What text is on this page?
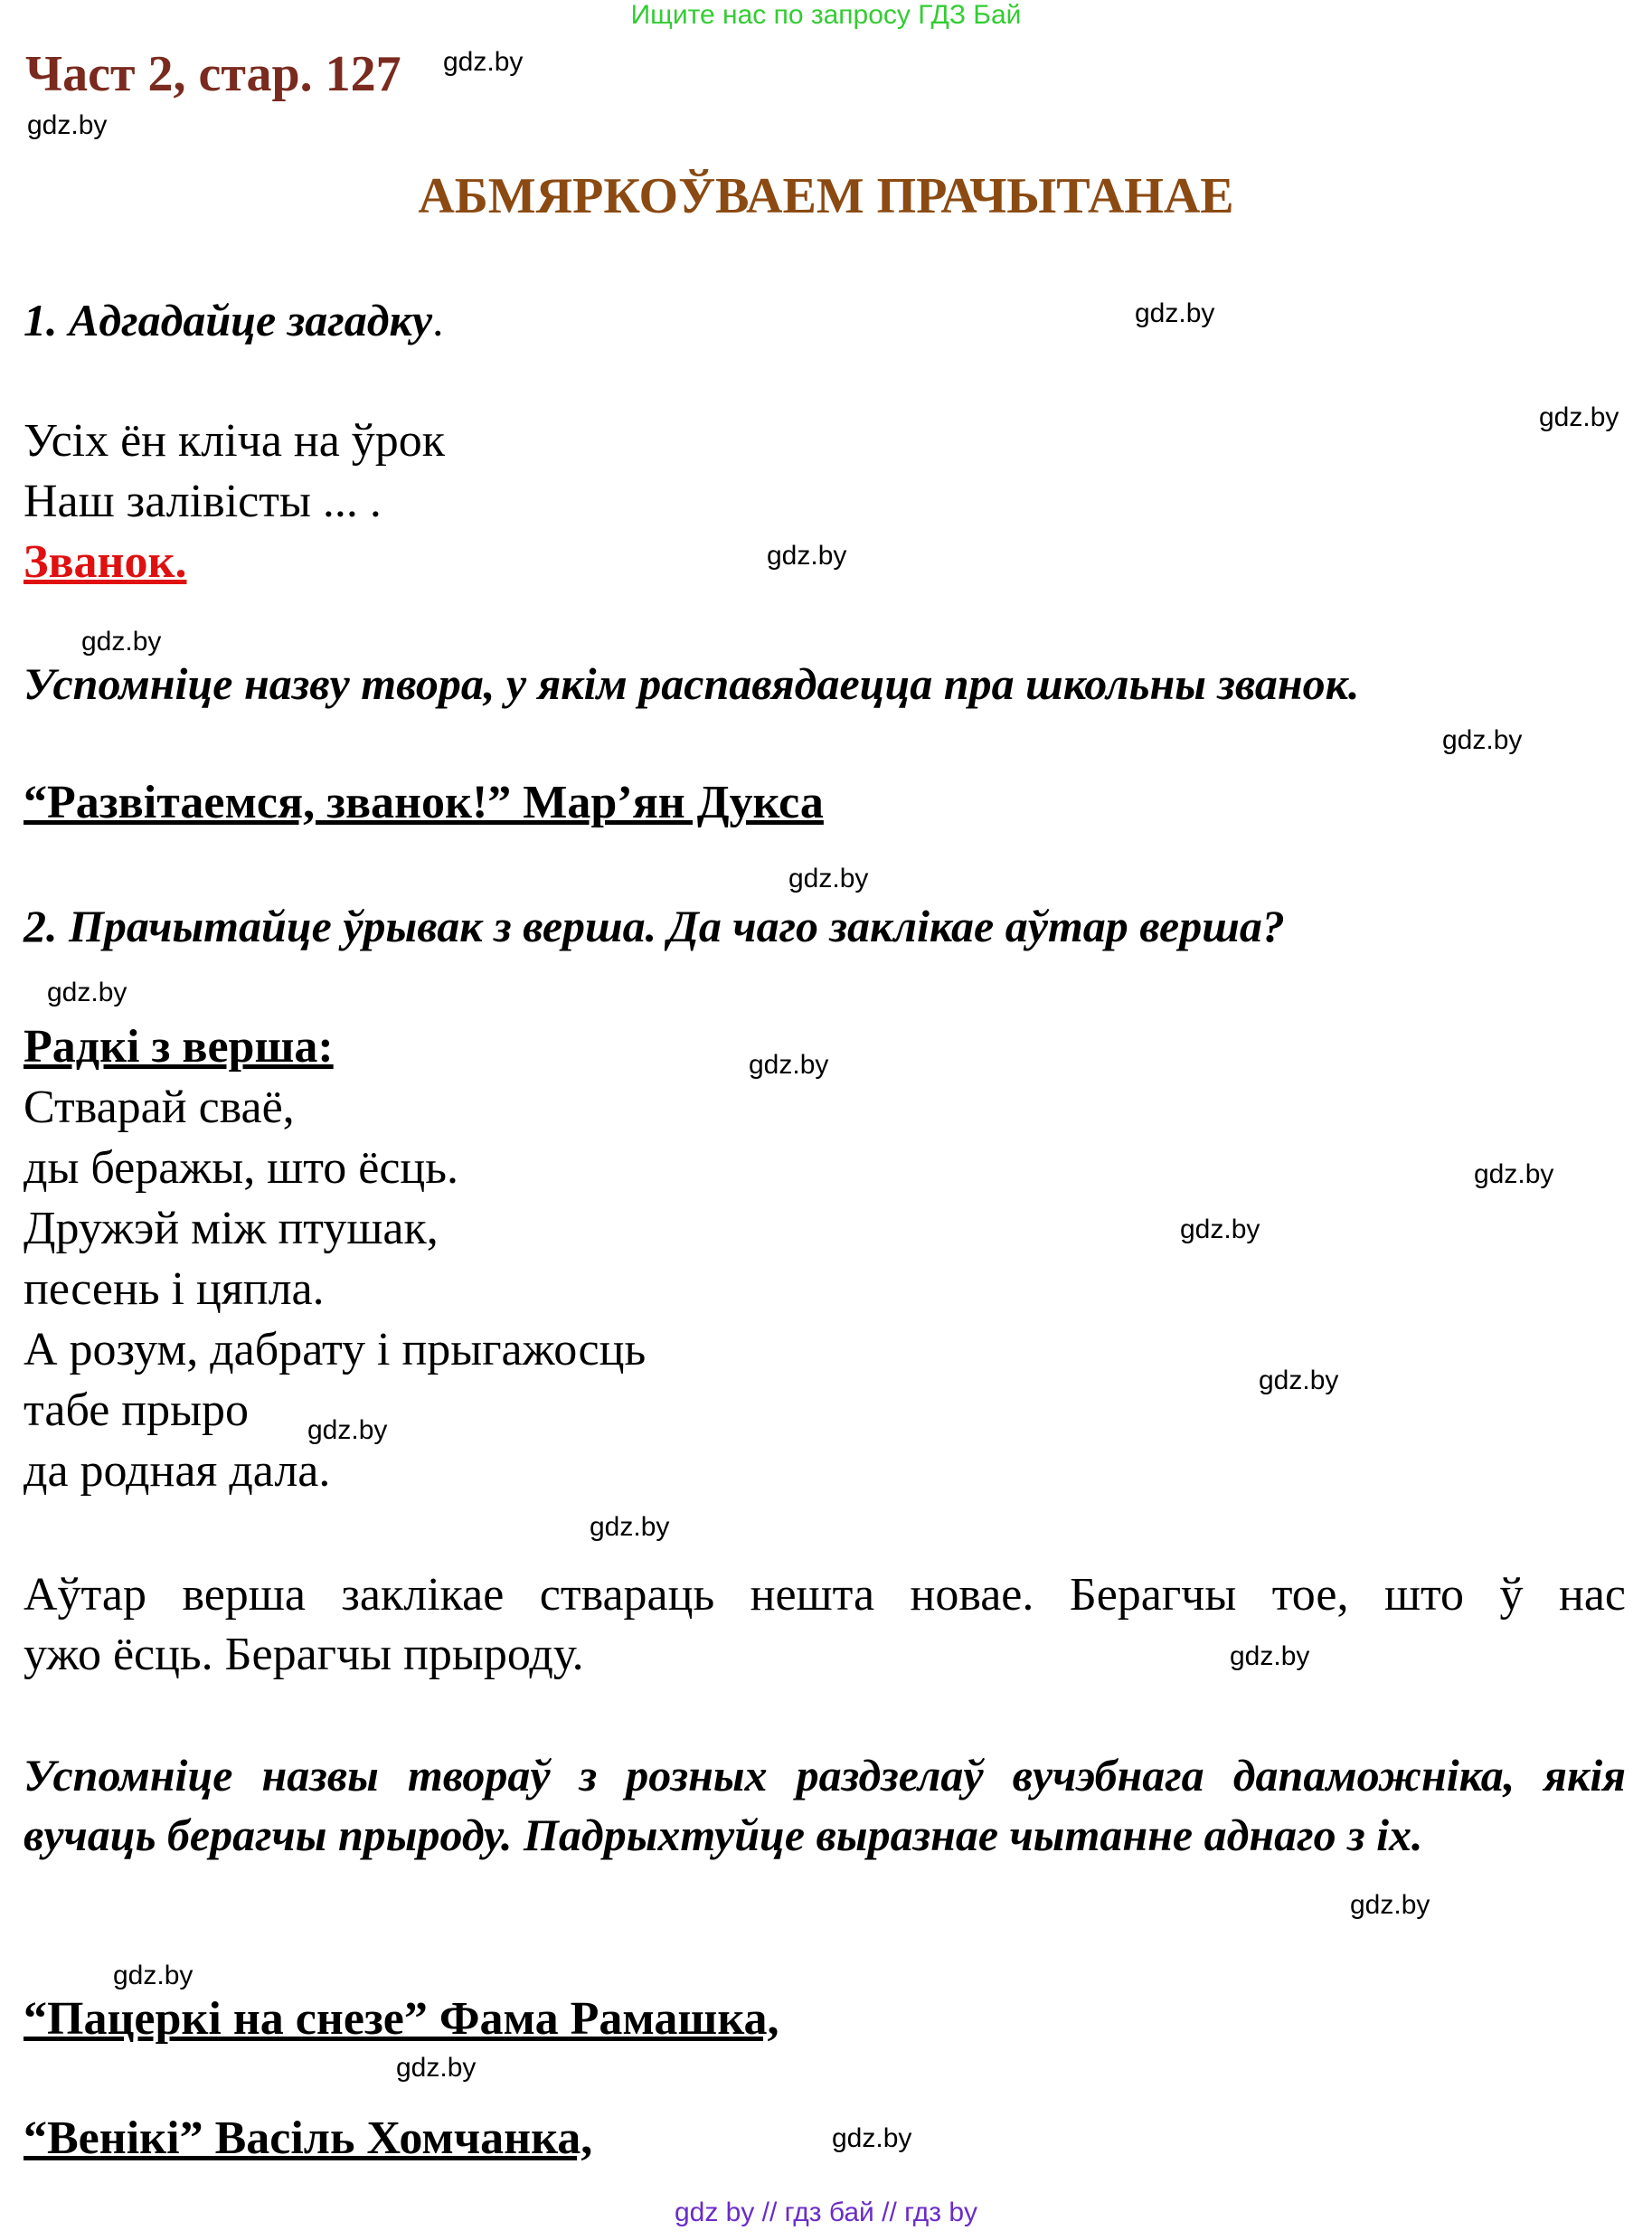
Ищите нас по запросу ГДЗ Бай
Част 2, стар. 127 gdz.by
gdz.by
АБМЯРКОЎВАЕМ ПРАЧЫТАНАЕ
1. Адгадайце загадку.	gdz.by
gdz.by
Усіх ён кліча на ўрок
Наш залівісты ... .
Званок.	gdz.by
gdz.by
Успомніце назву твора, у якім распавядаецца пра школьны званок.
gdz.by
“Развітаемся, званок!” Мар’ян Дукса
gdz.by
2. Прачытайце ўрывак з верша. Да чаго заклікае аўтар верша?
gdz.by
Радкі з верша:	gdz.by
Стварай сваё,
ды беражы, што ёсць.	gdz.by
Дружэй між птушак,	gdz.by
песень і цяпла.
А розум, дабрату і прыгажосць
gdz.by
табе прыро gdz.by
да родная дала.
gdz.by
Аўтар верша заклікае ствараць нешта новае. Берагчы тое, што ў нас
ужо ёсць. Берагчы прыроду.	gdz.by
Успомніце назвы твораў з розных раздзелаў вучэбнага дапаможніка, якія вучаць берагчы прыроду. Падрыхтуйце выразнае чытанне аднаго з іх.
gdz.by
gdz.by
“Пацеркі на снезе” Фама Рамашка,
gdz.by
“Венікі” Васіль Хомчанка,	gdz.by
gdz by // гдз бай // гдз by
